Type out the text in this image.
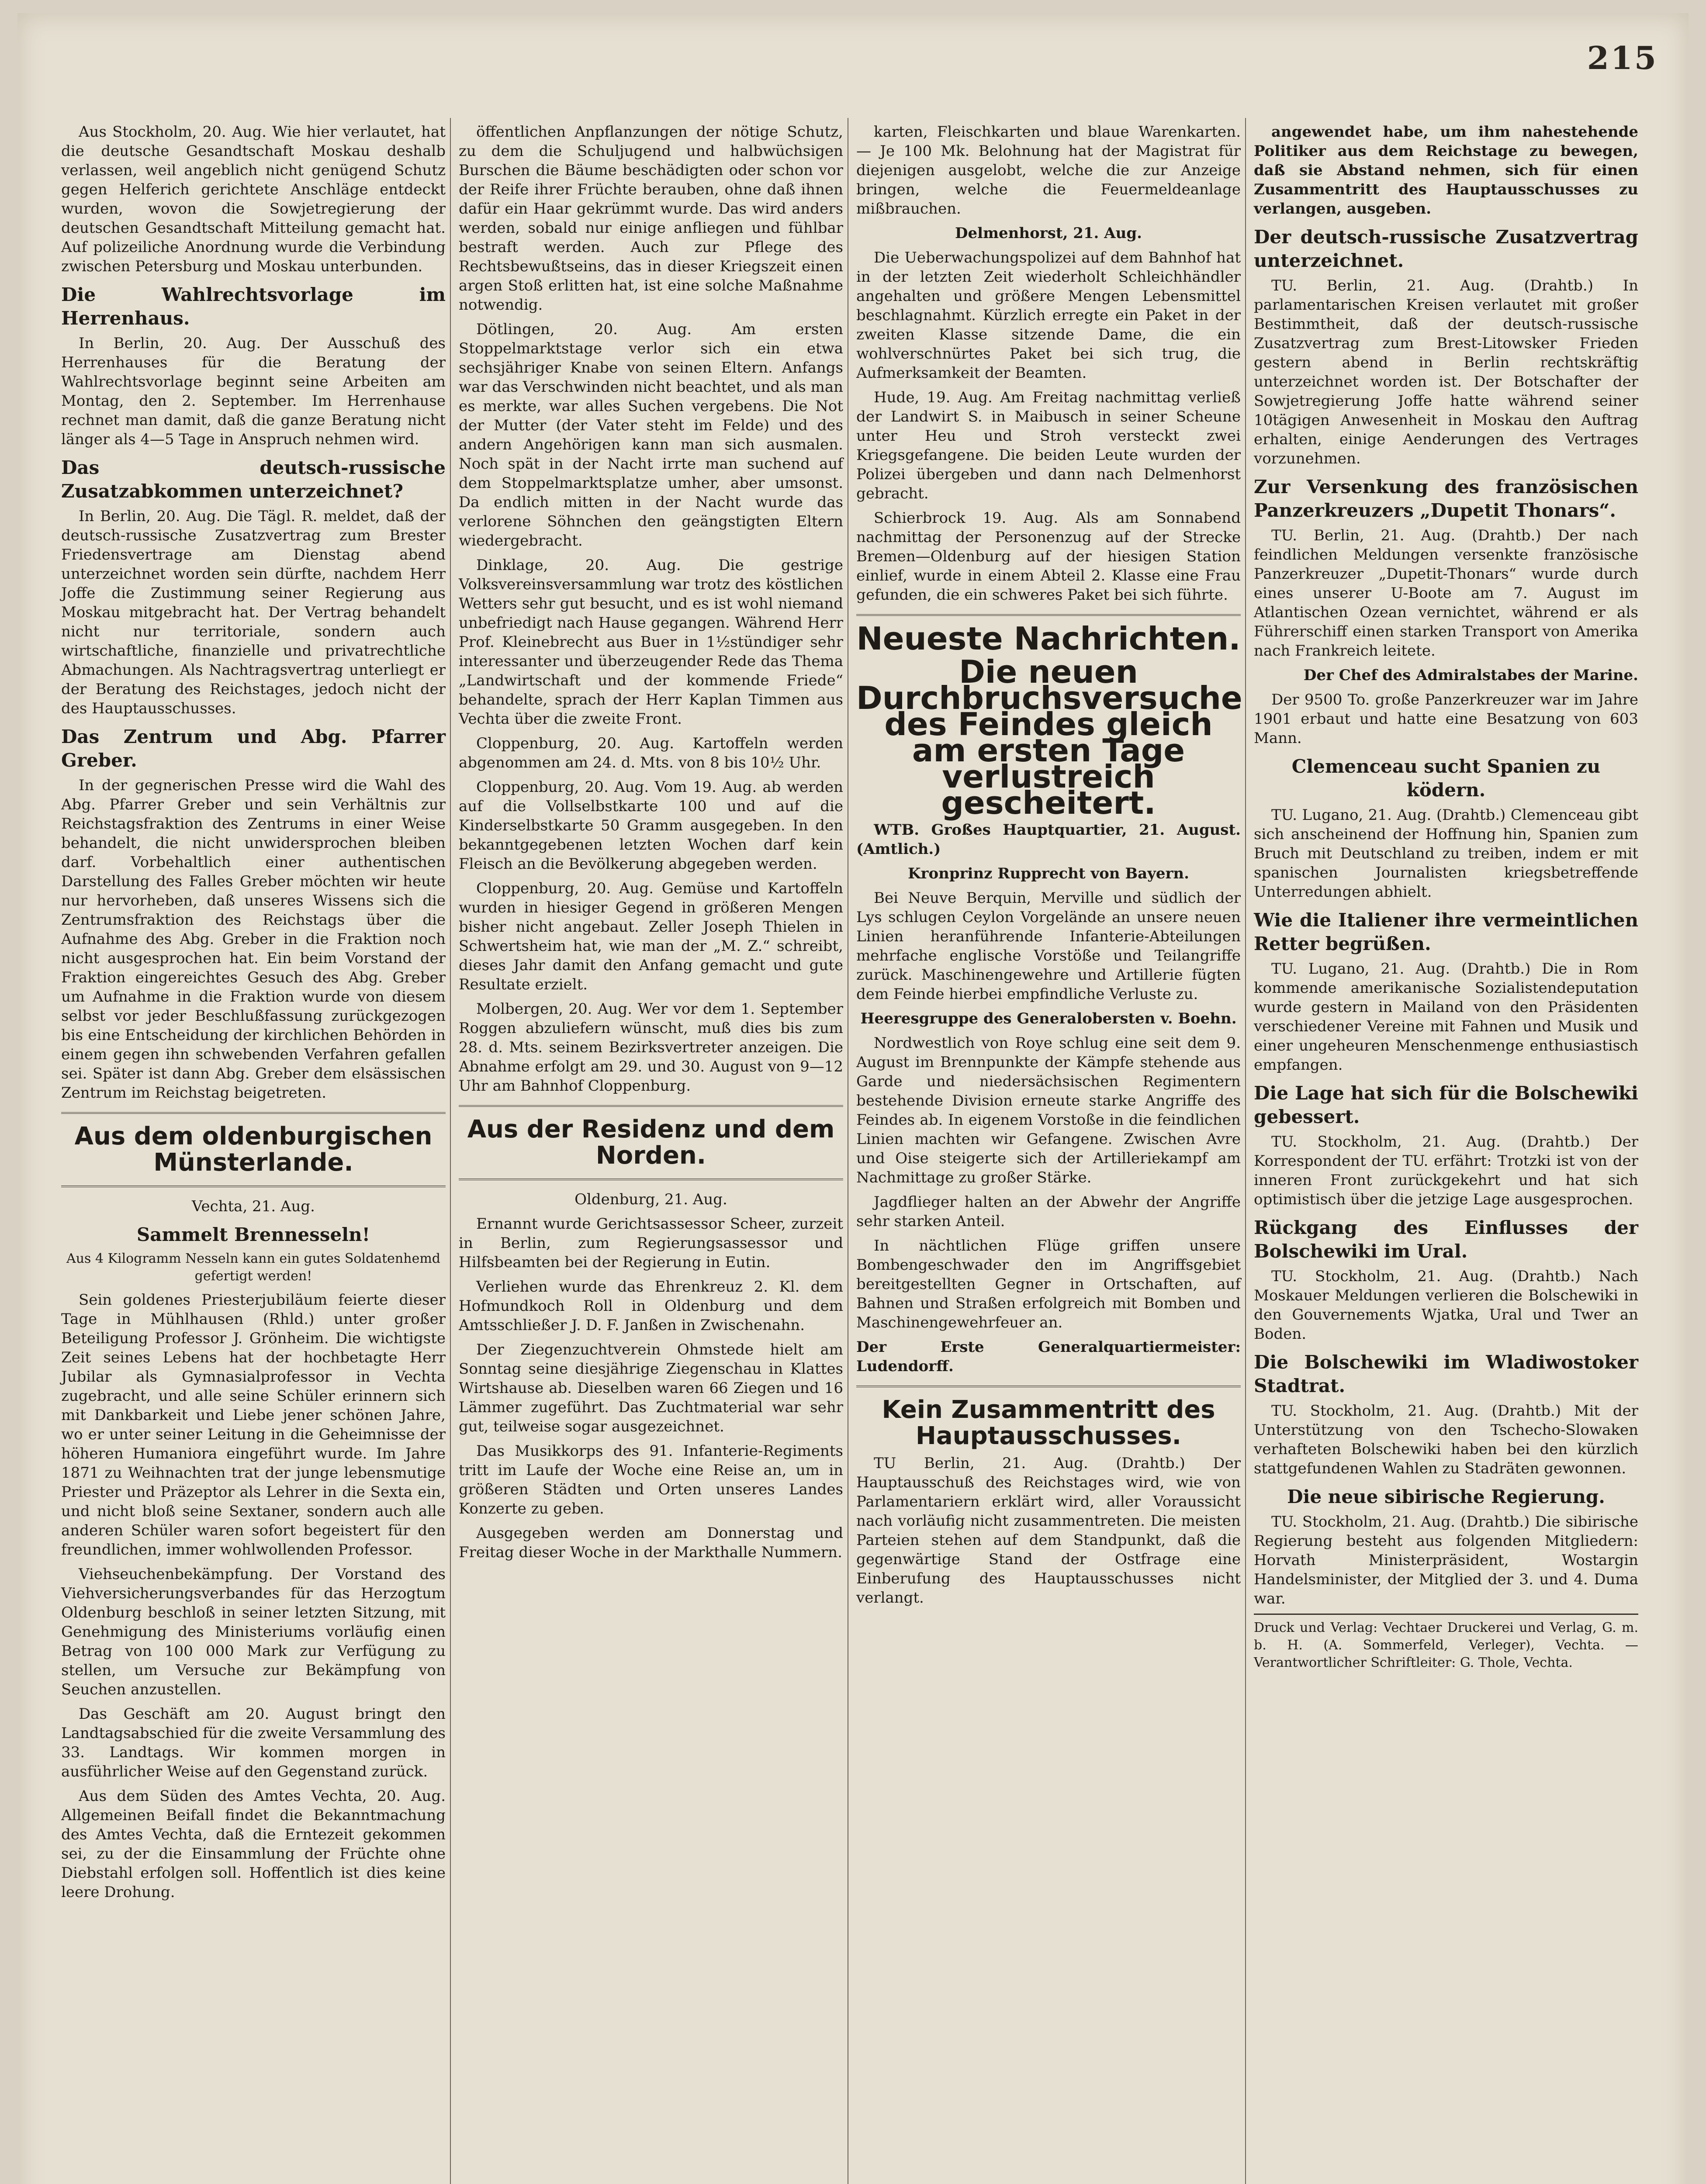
215

Aus Stockholm, 20. Aug. Wie hier verlautet, hat die deutsche Gesandtschaft Moskau deshalb verlassen, weil angeblich nicht genügend Schutz gegen Helferich gerichtete Anschläge entdeckt wurden, wovon die Sowjetregierung der deutschen Gesandtschaft Mitteilung gemacht hat. Auf polizeiliche Anordnung wurde die Verbindung zwischen Petersburg und Moskau unterbunden.

Die Wahlrechtsvorlage im Herrenhaus.

In Berlin, 20. Aug. Der Ausschuß des Herrenhauses für die Beratung der Wahlrechtsvorlage beginnt seine Arbeiten am Montag, den 2. September. Im Herrenhause rechnet man damit, daß die ganze Beratung nicht länger als 4—5 Tage in Anspruch nehmen wird.

Das deutsch-russische Zusatzabkommen unterzeichnet?

In Berlin, 20. Aug. Die Tägl. R. meldet, daß der deutsch-russische Zusatzvertrag zum Brester Friedensvertrage am Dienstag abend unterzeichnet worden sein dürfte, nachdem Herr Joffe die Zustimmung seiner Regierung aus Moskau mitgebracht hat. Der Vertrag behandelt nicht nur territoriale, sondern auch wirtschaftliche, finanzielle und privatrechtliche Abmachungen. Als Nachtragsvertrag unterliegt er der Beratung des Reichstages, jedoch nicht der des Hauptausschusses.

Das Zentrum und Abg. Pfarrer Greber.

In der gegnerischen Presse wird die Wahl des Abg. Pfarrer Greber und sein Verhältnis zur Reichstagsfraktion des Zentrums in einer Weise behandelt, die nicht unwidersprochen bleiben darf. Vorbehaltlich einer authentischen Darstellung des Falles Greber möchten wir heute nur hervorheben, daß unseres Wissens sich die Zentrumsfraktion des Reichstags über die Aufnahme des Abg. Greber in die Fraktion noch nicht ausgesprochen hat. Ein beim Vorstand der Fraktion eingereichtes Gesuch des Abg. Greber um Aufnahme in die Fraktion wurde von diesem selbst vor jeder Beschlußfassung zurückgezogen bis eine Entscheidung der kirchlichen Behörden in einem gegen ihn schwebenden Verfahren gefallen sei. Später ist dann Abg. Greber dem elsässischen Zentrum im Reichstag beigetreten.

Aus dem oldenburgischen Münsterlande.

Vechta, 21. Aug.

Sammelt Brennesseln!

Aus 4 Kilogramm Nesseln kann ein gutes Soldatenhemd gefertigt werden!

Sein goldenes Priesterjubiläum feierte dieser Tage in Mühlhausen (Rhld.) unter großer Beteiligung Professor J. Grönheim. Die wichtigste Zeit seines Lebens hat der hochbetagte Herr Jubilar als Gymnasialprofessor in Vechta zugebracht, und alle seine Schüler erinnern sich mit Dankbarkeit und Liebe jener schönen Jahre, wo er unter seiner Leitung in die Geheimnisse der höheren Humaniora eingeführt wurde. Im Jahre 1871 zu Weihnachten trat der junge lebensmutige Priester und Präzeptor als Lehrer in die Sexta ein, und nicht bloß seine Sextaner, sondern auch alle anderen Schüler waren sofort begeistert für den freundlichen, immer wohlwollenden Professor.

Viehseuchenbekämpfung. Der Vorstand des Viehversicherungsverbandes für das Herzogtum Oldenburg beschloß in seiner letzten Sitzung, mit Genehmigung des Ministeriums vorläufig einen Betrag von 100 000 Mark zur Verfügung zu stellen, um Versuche zur Bekämpfung von Seuchen anzustellen.

Das Geschäft am 20. August bringt den Landtagsabschied für die zweite Versammlung des 33. Landtags. Wir kommen morgen in ausführlicher Weise auf den Gegenstand zurück.

Aus dem Süden des Amtes Vechta, 20. Aug. Allgemeinen Beifall findet die Bekanntmachung des Amtes Vechta, daß die Erntezeit gekommen sei, zu der die Einsammlung der Früchte ohne Diebstahl erfolgen soll. Hoffentlich ist dies keine leere Drohung.

öffentlichen Anpflanzungen der nötige Schutz, zu dem die Schuljugend und halbwüchsigen Burschen die Bäume beschädigten oder schon vor der Reife ihrer Früchte berauben, ohne daß ihnen dafür ein Haar gekrümmt wurde. Das wird anders werden, sobald nur einige anfliegen und fühlbar bestraft werden. Auch zur Pflege des Rechtsbewußtseins, das in dieser Kriegszeit einen argen Stoß erlitten hat, ist eine solche Maßnahme notwendig.

Dötlingen, 20. Aug. Am ersten Stoppelmarktstage verlor sich ein etwa sechsjähriger Knabe von seinen Eltern. Anfangs war das Verschwinden nicht beachtet, und als man es merkte, war alles Suchen vergebens. Die Not der Mutter (der Vater steht im Felde) und des andern Angehörigen kann man sich ausmalen. Noch spät in der Nacht irrte man suchend auf dem Stoppelmarktsplatze umher, aber umsonst. Da endlich mitten in der Nacht wurde das verlorene Söhnchen den geängstigten Eltern wiedergebracht.

Dinklage, 20. Aug. Die gestrige Volksvereinsversammlung war trotz des köstlichen Wetters sehr gut besucht, und es ist wohl niemand unbefriedigt nach Hause gegangen. Während Herr Prof. Kleinebrecht aus Buer in 1½stündiger sehr interessanter und überzeugender Rede das Thema „Landwirtschaft und der kommende Friede“ behandelte, sprach der Herr Kaplan Timmen aus Vechta über die zweite Front.

Cloppenburg, 20. Aug. Kartoffeln werden abgenommen am 24. d. Mts. von 8 bis 10½ Uhr.

Cloppenburg, 20. Aug. Vom 19. Aug. ab werden auf die Vollselbstkarte 100 und auf die Kinderselbstkarte 50 Gramm ausgegeben. In den bekanntgegebenen letzten Wochen darf kein Fleisch an die Bevölkerung abgegeben werden.

Cloppenburg, 20. Aug. Gemüse und Kartoffeln wurden in hiesiger Gegend in größeren Mengen bisher nicht angebaut. Zeller Joseph Thielen in Schwertsheim hat, wie man der „M. Z.“ schreibt, dieses Jahr damit den Anfang gemacht und gute Resultate erzielt.

Molbergen, 20. Aug. Wer vor dem 1. September Roggen abzuliefern wünscht, muß dies bis zum 28. d. Mts. seinem Bezirksvertreter anzeigen. Die Abnahme erfolgt am 29. und 30. August von 9—12 Uhr am Bahnhof Cloppenburg.

Aus der Residenz und dem Norden.

Oldenburg, 21. Aug.

Ernannt wurde Gerichtsassessor Scheer, zurzeit in Berlin, zum Regierungsassessor und Hilfsbeamten bei der Regierung in Eutin.

Verliehen wurde das Ehrenkreuz 2. Kl. dem Hofmundkoch Roll in Oldenburg und dem Amtsschließer J. D. F. Janßen in Zwischenahn.

Der Ziegenzuchtverein Ohmstede hielt am Sonntag seine diesjährige Ziegenschau in Klattes Wirtshause ab. Dieselben waren 66 Ziegen und 16 Lämmer zugeführt. Das Zuchtmaterial war sehr gut, teilweise sogar ausgezeichnet.

Das Musikkorps des 91. Infanterie-Regiments tritt im Laufe der Woche eine Reise an, um in größeren Städten und Orten unseres Landes Konzerte zu geben.

Ausgegeben werden am Donnerstag und Freitag dieser Woche in der Markthalle Nummern.

karten, Fleischkarten und blaue Warenkarten. — Je 100 Mk. Belohnung hat der Magistrat für diejenigen ausgelobt, welche die zur Anzeige bringen, welche die Feuermeldeanlage mißbrauchen.

Delmenhorst, 21. Aug.

Die Ueberwachungspolizei auf dem Bahnhof hat in der letzten Zeit wiederholt Schleichhändler angehalten und größere Mengen Lebensmittel beschlagnahmt. Kürzlich erregte ein Paket in der zweiten Klasse sitzende Dame, die ein wohlverschnürtes Paket bei sich trug, die Aufmerksamkeit der Beamten.

Hude, 19. Aug. Am Freitag nachmittag verließ der Landwirt S. in Maibusch in seiner Scheune unter Heu und Stroh versteckt zwei Kriegsgefangene. Die beiden Leute wurden der Polizei übergeben und dann nach Delmenhorst gebracht.

Schierbrock 19. Aug. Als am Sonnabend nachmittag der Personenzug auf der Strecke Bremen—Oldenburg auf der hiesigen Station einlief, wurde in einem Abteil 2. Klasse eine Frau gefunden, die ein schweres Paket bei sich führte.

Neueste Nachrichten.
Die neuen Durchbruchsversuche des Feindes gleich am ersten Tage verlustreich gescheitert.

WTB. Großes Hauptquartier, 21. August. (Amtlich.)

Kronprinz Rupprecht von Bayern.

Bei Neuve Berquin, Merville und südlich der Lys schlugen Ceylon Vorgelände an unsere neuen Linien heranführende Infanterie-Abteilungen mehrfache englische Vorstöße und Teilangriffe zurück. Maschinengewehre und Artillerie fügten dem Feinde hierbei empfindliche Verluste zu.

Heeresgruppe des Generalobersten v. Boehn.

Nordwestlich von Roye schlug eine seit dem 9. August im Brennpunkte der Kämpfe stehende aus Garde und niedersächsischen Regimentern bestehende Division erneute starke Angriffe des Feindes ab. In eigenem Vorstoße in die feindlichen Linien machten wir Gefangene. Zwischen Avre und Oise steigerte sich der Artilleriekampf am Nachmittage zu großer Stärke.

Jagdflieger halten an der Abwehr der Angriffe sehr starken Anteil.

In nächtlichen Flüge griffen unsere Bombengeschwader den im Angriffsgebiet bereitgestellten Gegner in Ortschaften, auf Bahnen und Straßen erfolgreich mit Bomben und Maschinengewehrfeuer an.

Der Erste Generalquartiermeister: Ludendorff.

Kein Zusammentritt des Hauptausschusses.

TU Berlin, 21. Aug. (Drahtb.) Der Hauptausschuß des Reichstages wird, wie von Parlamentariern erklärt wird, aller Voraussicht nach vorläufig nicht zusammentreten. Die meisten Parteien stehen auf dem Standpunkt, daß die gegenwärtige Stand der Ostfrage eine Einberufung des Hauptausschusses nicht verlangt.

angewendet habe, um ihm nahestehende Politiker aus dem Reichstage zu bewegen, daß sie Abstand nehmen, sich für einen Zusammentritt des Hauptausschusses zu verlangen, ausgeben.

Der deutsch-russische Zusatzvertrag unterzeichnet.

TU. Berlin, 21. Aug. (Drahtb.) In parlamentarischen Kreisen verlautet mit großer Bestimmtheit, daß der deutsch-russische Zusatzvertrag zum Brest-Litowsker Frieden gestern abend in Berlin rechtskräftig unterzeichnet worden ist. Der Botschafter der Sowjetregierung Joffe hatte während seiner 10tägigen Anwesenheit in Moskau den Auftrag erhalten, einige Aenderungen des Vertrages vorzunehmen.

Zur Versenkung des französischen Panzerkreuzers „Dupetit Thonars“.

TU. Berlin, 21. Aug. (Drahtb.) Der nach feindlichen Meldungen versenkte französische Panzerkreuzer „Dupetit-Thonars“ wurde durch eines unserer U-Boote am 7. August im Atlantischen Ozean vernichtet, während er als Führerschiff einen starken Transport von Amerika nach Frankreich leitete.

Der Chef des Admiralstabes der Marine.

Der 9500 To. große Panzerkreuzer war im Jahre 1901 erbaut und hatte eine Besatzung von 603 Mann.

Clemenceau sucht Spanien zu ködern.

TU. Lugano, 21. Aug. (Drahtb.) Clemenceau gibt sich anscheinend der Hoffnung hin, Spanien zum Bruch mit Deutschland zu treiben, indem er mit spanischen Journalisten kriegsbetreffende Unterredungen abhielt.

Wie die Italiener ihre vermeintlichen Retter begrüßen.

TU. Lugano, 21. Aug. (Drahtb.) Die in Rom kommende amerikanische Sozialistendeputation wurde gestern in Mailand von den Präsidenten verschiedener Vereine mit Fahnen und Musik und einer ungeheuren Menschenmenge enthusiastisch empfangen.

Die Lage hat sich für die Bolschewiki gebessert.

TU. Stockholm, 21. Aug. (Drahtb.) Der Korrespondent der TU. erfährt: Trotzki ist von der inneren Front zurückgekehrt und hat sich optimistisch über die jetzige Lage ausgesprochen.

Rückgang des Einflusses der Bolschewiki im Ural.

TU. Stockholm, 21. Aug. (Drahtb.) Nach Moskauer Meldungen verlieren die Bolschewiki in den Gouvernements Wjatka, Ural und Twer an Boden.

Die Bolschewiki im Wladiwostoker Stadtrat.

TU. Stockholm, 21. Aug. (Drahtb.) Mit der Unterstützung von den Tschecho-Slowaken verhafteten Bolschewiki haben bei den kürzlich stattgefundenen Wahlen zu Stadräten gewonnen.

Die neue sibirische Regierung.

TU. Stockholm, 21. Aug. (Drahtb.) Die sibirische Regierung besteht aus folgenden Mitgliedern: Horvath Ministerpräsident, Wostargin Handelsminister, der Mitglied der 3. und 4. Duma war.

Druck und Verlag: Vechtaer Druckerei und Verlag, G. m. b. H. (A. Sommerfeld, Verleger), Vechta. — Verantwortlicher Schriftleiter: G. Thole, Vechta.
